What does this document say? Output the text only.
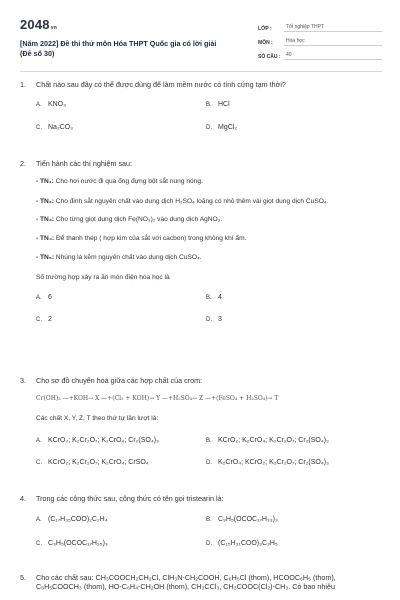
2048vn
[Năm 2022] Đề thi thử môn Hóa THPT Quốc gia có lời giải
(Đề số 30)
LỚP :	Tốt nghiệp THPT
MÔN :	Hóa học
SỐ CÂU :	40
1.	Chất nào sau đây có thể được dùng để làm mềm nước có tính cứng tạm thời?
A. KNO₃	B. HCl
C. Na₂CO₃	D. MgCl₂
2.	Tiến hành các thí nghiệm sau:
- TN₁: Cho hơi nước đi qua ống đựng bột sắt nung nóng.
- TN₂: Cho đinh sắt nguyên chất vào dung dịch H₂SO₄ loãng có nhỏ thêm vài giọt dung dịch CuSO₄.
- TN₃: Cho từng giọt dung dịch Fe(NO₃)₂ vào dung dịch AgNO₃.
- TN₄: Để thanh thép ( hợp kim của sắt với cacbon) trong không khí ẩm.
- TN₅: Nhúng lá kẽm nguyên chất vào dung dịch CuSO₄.
Số trường hợp xảy ra ăn mòn điện hóa học là
A. 6	B. 4
C. 2	D. 3
3.	Cho sơ đồ chuyển hoá giữa các hợp chất của crom:
Cr(OH)₃ —+KOH→ X —+(Cl₂ + KOH)→ Y —+H₂SO₄→ Z —+(FeSO₄ + H₂SO₄)→ T
Các chất X, Y, Z, T theo thứ tự lần lượt là:
A. KCrO₂; K₂Cr₂O₇; K₂CrO₄; Cr₂(SO₄)₃	B. KCrO₂; K₂CrO₄; K₂Cr₂O₇; Cr₂(SO₄)₃
C. KCrO₂; K₂Cr₂O₇; K₂CrO₄; CrSO₄	D. K₂CrO₄; KCrO₂; K₂Cr₂O₇; Cr₂(SO₄)₃
4.	Trong các công thức sau, công thức có tên gọi tristearin là:
A. (C₁₇H₃₅COO)₂C₂H₄	B. C₃H₅(OCOC₁₇H₃₃)₃
C. C₃H₅(OCOC₁₇H₃₅)₃	D. (C₁₅H₃₁COO)₃C₃H₅
5.	Cho các chất sau: CH₃COOCH₂CH₂Cl, ClH₃N-CH₂COOH, C₆H₅Cl (thom), HCOOC₆H₅ (thom),
C₆H₅COOCH₃ (thom), HO-C₆H₄-CH₂OH (thom), CH₃CCl₃, CH₃COOC(Cl₂)-CH₃. Có bao nhiêu
